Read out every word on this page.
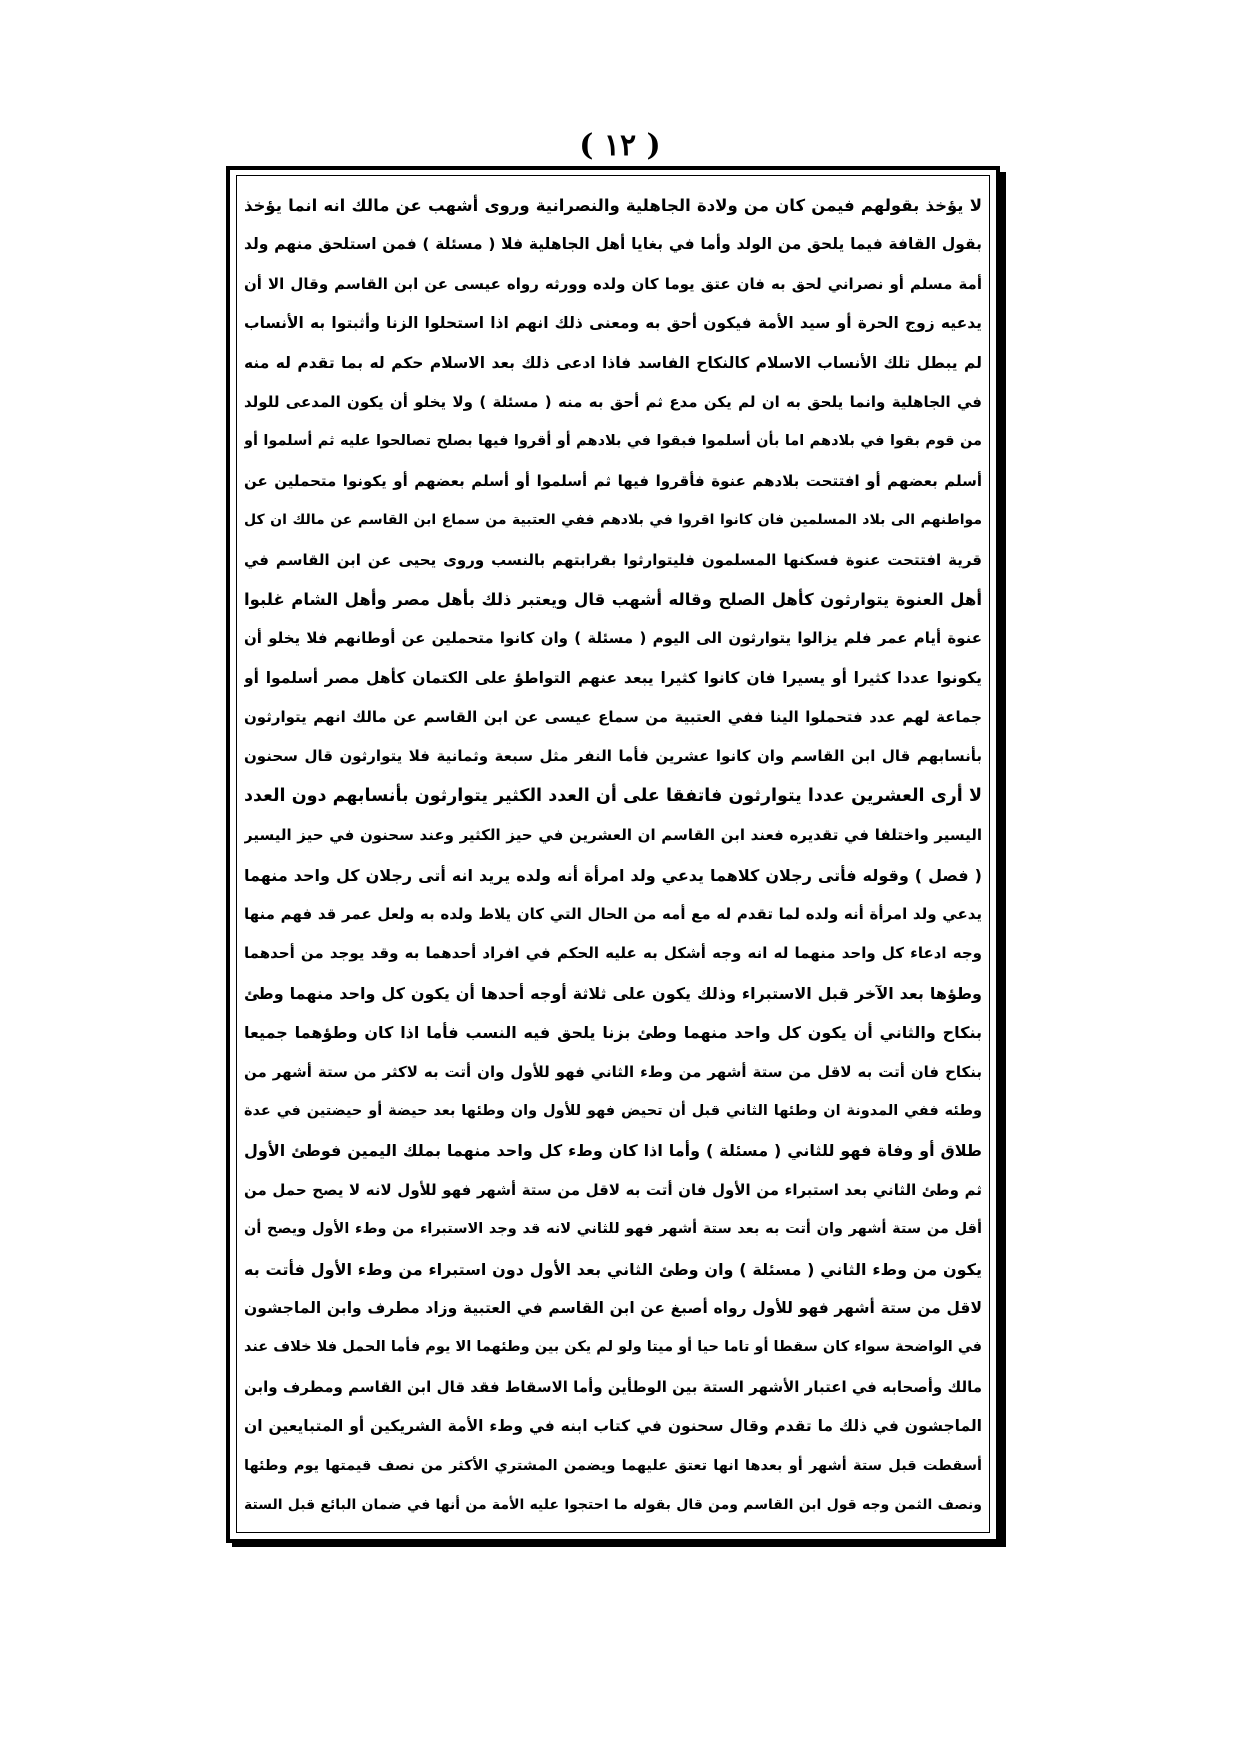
( ١٢ )
لا يؤخذ بقولهم فيمن كان من ولادة الجاهلية والنصرانية وروى أشهب عن مالك انه انما يؤخذ
بقول القافة فيما يلحق من الولد وأما في بغايا أهل الجاهلية فلا ( مسئلة ) فمن استلحق منهم ولد
أمة مسلم أو نصراني لحق به فان عتق يوما كان ولده وورثه رواه عيسى عن ابن القاسم وقال الا أن
يدعيه زوج الحرة أو سيد الأمة فيكون أحق به ومعنى ذلك انهم اذا استحلوا الزنا وأثبتوا به الأنساب
لم يبطل تلك الأنساب الاسلام كالنكاح الفاسد فاذا ادعى ذلك بعد الاسلام حكم له بما تقدم له منه
في الجاهلية وانما يلحق به ان لم يكن مدع ثم أحق به منه ( مسئلة ) ولا يخلو أن يكون المدعى للولد
من قوم بقوا في بلادهم اما بأن أسلموا فبقوا في بلادهم أو أقروا فيها بصلح تصالحوا عليه ثم أسلموا أو
أسلم بعضهم أو افتتحت بلادهم عنوة فأقروا فيها ثم أسلموا أو أسلم بعضهم أو يكونوا متحملين عن
مواطنهم الى بلاد المسلمين فان كانوا اقروا في بلادهم ففي العتبية من سماع ابن القاسم عن مالك ان كل
قرية افتتحت عنوة فسكنها المسلمون فليتوارثوا بقرابتهم بالنسب وروى يحيى عن ابن القاسم في
أهل العنوة يتوارثون كأهل الصلح وقاله أشهب قال ويعتبر ذلك بأهل مصر وأهل الشام غلبوا
عنوة أيام عمر فلم يزالوا يتوارثون الى اليوم ( مسئلة ) وان كانوا متحملين عن أوطانهم فلا يخلو أن
يكونوا عددا كثيرا أو يسيرا فان كانوا كثيرا يبعد عنهم التواطؤ على الكتمان كأهل مصر أسلموا أو
جماعة لهم عدد فتحملوا الينا ففي العتبية من سماع عيسى عن ابن القاسم عن مالك انهم يتوارثون
بأنسابهم قال ابن القاسم وان كانوا عشرين فأما النفر مثل سبعة وثمانية فلا يتوارثون قال سحنون
لا أرى العشرين عددا يتوارثون فاتفقا على أن العدد الكثير يتوارثون بأنسابهم دون العدد
اليسير واختلفا في تقديره فعند ابن القاسم ان العشرين في حيز الكثير وعند سحنون في حيز اليسير
( فصل ) وقوله فأتى رجلان كلاهما يدعي ولد امرأة أنه ولده يريد انه أتى رجلان كل واحد منهما
يدعي ولد امرأة أنه ولده لما تقدم له مع أمه من الحال التي كان يلاط ولده به ولعل عمر قد فهم منها
وجه ادعاء كل واحد منهما له انه وجه أشكل به عليه الحكم في افراد أحدهما به وقد يوجد من أحدهما
وطؤها بعد الآخر قبل الاستبراء وذلك يكون على ثلاثة أوجه أحدها أن يكون كل واحد منهما وطئ
بنكاح والثاني أن يكون كل واحد منهما وطئ بزنا يلحق فيه النسب فأما اذا كان وطؤهما جميعا
بنكاح فان أتت به لاقل من ستة أشهر من وطء الثاني فهو للأول وان أتت به لاكثر من ستة أشهر من
وطئه ففي المدونة ان وطئها الثاني قبل أن تحيض فهو للأول وان وطئها بعد حيضة أو حيضتين في عدة
طلاق أو وفاة فهو للثاني ( مسئلة ) وأما اذا كان وطء كل واحد منهما بملك اليمين فوطئ الأول
ثم وطئ الثاني بعد استبراء من الأول فان أتت به لاقل من ستة أشهر فهو للأول لانه لا يصح حمل من
أقل من ستة أشهر وان أتت به بعد ستة أشهر فهو للثاني لانه قد وجد الاستبراء من وطء الأول ويصح أن
يكون من وطء الثاني ( مسئلة ) وان وطئ الثاني بعد الأول دون استبراء من وطء الأول فأتت به
لاقل من ستة أشهر فهو للأول رواه أصبغ عن ابن القاسم في العتبية وزاد مطرف وابن الماجشون
في الواضحة سواء كان سقطا أو تاما حيا أو ميتا ولو لم يكن بين وطئهما الا يوم فأما الحمل فلا خلاف عند
مالك وأصحابه في اعتبار الأشهر الستة بين الوطأين وأما الاسقاط فقد قال ابن القاسم ومطرف وابن
الماجشون في ذلك ما تقدم وقال سحنون في كتاب ابنه في وطء الأمة الشريكين أو المتبايعين ان
أسقطت قبل ستة أشهر أو بعدها انها تعتق عليهما ويضمن المشتري الأكثر من نصف قيمتها يوم وطئها
ونصف الثمن وجه قول ابن القاسم ومن قال بقوله ما احتجوا عليه الأمة من أنها في ضمان البائع قبل الستة
